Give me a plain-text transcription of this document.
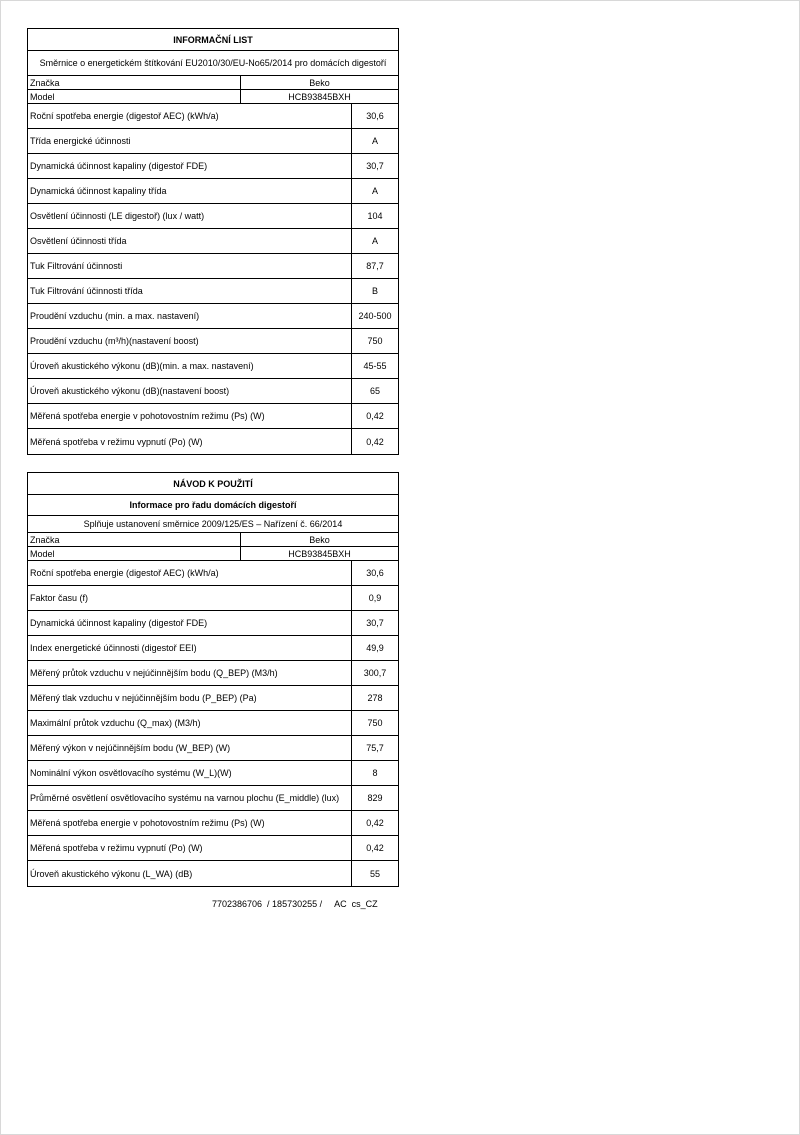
INFORMAČNÍ LIST
Směrnice o energetickém štítkování EU2010/30/EU-No65/2014 pro domácích digestoří
Značka	Beko
Model	HCB93845BXH
Roční spotřeba energie (digestoř AEC) (kWh/a)	30,6
Třída energické účinnosti	A
Dynamická účinnost kapaliny (digestoř FDE)	30,7
Dynamická účinnost kapaliny třída	A
Osvětlení účinnosti (LE digestoř) (lux / watt)	104
Osvětlení účinnosti třída	A
Tuk Filtrování účinnosti	87,7
Tuk Filtrování účinnosti třída	B
Proudění vzduchu (min. a max. nastavení)	240-500
Proudění vzduchu (m³/h)(nastavení boost)	750
Úroveň akustického výkonu (dB)(min. a max. nastavení)	45-55
Úroveň akustického výkonu (dB)(nastavení boost)	65
Měřená spotřeba energie v pohotovostním režimu (Ps) (W)	0,42
Měřená spotřeba v režimu vypnutí (Po) (W)	0,42
NÁVOD K POUŽITÍ
Informace pro řadu domácích digestoří
Splňuje ustanovení směrnice 2009/125/ES – Nařízení č. 66/2014
Značka	Beko
Model	HCB93845BXH
Roční spotřeba energie (digestoř AEC) (kWh/a)	30,6
Faktor času (f)	0,9
Dynamická účinnost kapaliny (digestoř FDE)	30,7
Index energetické účinnosti (digestoř EEI)	49,9
Měřený průtok vzduchu v nejúčinnějším bodu (Q_BEP) (M3/h)	300,7
Měřený tlak vzduchu v nejúčinnějším bodu (P_BEP) (Pa)	278
Maximální průtok vzduchu (Q_max) (M3/h)	750
Měřený výkon v nejúčinnějším bodu (W_BEP) (W)	75,7
Nominální výkon osvětlovacího systému (W_L)(W)	8
Průměrné osvětlení osvětlovacího systému na varnou plochu (E_middle) (lux)	829
Měřená spotřeba energie v pohotovostním režimu (Ps) (W)	0,42
Měřená spotřeba v režimu vypnutí (Po) (W)	0,42
Úroveň akustického výkonu (L_WA) (dB)	55
7702386706  / 185730255 /     AC  cs_CZ
